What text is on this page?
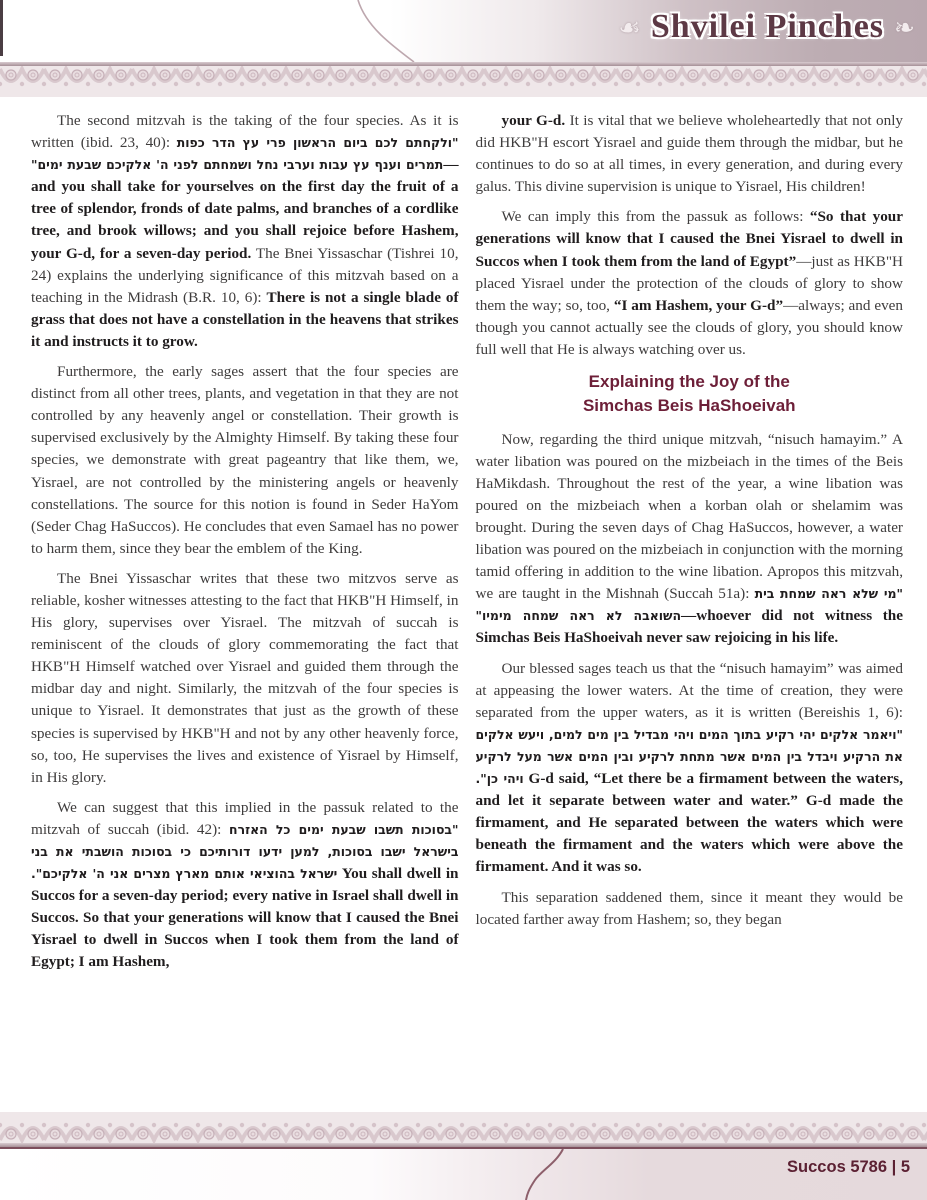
☙ Shvilei Pinches ❧

The second mitzvah is the taking of the four species. As it is written (ibid. 23, 40): "ולקחתם לכם ביום הראשון פרי עץ הדר כפות תמרים וענף עץ עבות וערבי נחל ושמחתם לפני ה' אלקיכם שבעת ימים"—and you shall take for yourselves on the first day the fruit of a tree of splendor, fronds of date palms, and branches of a cordlike tree, and brook willows; and you shall rejoice before Hashem, your G-d, for a seven-day period. The Bnei Yissaschar (Tishrei 10, 24) explains the underlying significance of this mitzvah based on a teaching in the Midrash (B.R. 10, 6): There is not a single blade of grass that does not have a constellation in the heavens that strikes it and instructs it to grow.

Furthermore, the early sages assert that the four species are distinct from all other trees, plants, and vegetation in that they are not controlled by any heavenly angel or constellation. Their growth is supervised exclusively by the Almighty Himself. By taking these four species, we demonstrate with great pageantry that like them, we, Yisrael, are not controlled by the ministering angels or heavenly constellations. The source for this notion is found in Seder HaYom (Seder Chag HaSuccos). He concludes that even Samael has no power to harm them, since they bear the emblem of the King.

The Bnei Yissaschar writes that these two mitzvos serve as reliable, kosher witnesses attesting to the fact that HKB"H Himself, in His glory, supervises over Yisrael. The mitzvah of succah is reminiscent of the clouds of glory commemorating the fact that HKB"H Himself watched over Yisrael and guided them through the midbar day and night. Similarly, the mitzvah of the four species is unique to Yisrael. It demonstrates that just as the growth of these species is supervised by HKB"H and not by any other heavenly force, so, too, He supervises the lives and existence of Yisrael by Himself, in His glory.

We can suggest that this implied in the passuk related to the mitzvah of succah (ibid. 42): "בסוכות תשבו שבעת ימים כל האזרח בישראל ישבו בסוכות, למען ידעו דורותיכם כי בסוכות הושבתי את בני ישראל בהוציאי אותם מארץ מצרים אני ה' אלקיכם". You shall dwell in Succos for a seven-day period; every native in Israel shall dwell in Succos. So that your generations will know that I caused the Bnei Yisrael to dwell in Succos when I took them from the land of Egypt; I am Hashem,

your G-d. It is vital that we believe wholeheartedly that not only did HKB"H escort Yisrael and guide them through the midbar, but he continues to do so at all times, in every generation, and during every galus. This divine supervision is unique to Yisrael, His children!

We can imply this from the passuk as follows: “So that your generations will know that I caused the Bnei Yisrael to dwell in Succos when I took them from the land of Egypt”—just as HKB"H placed Yisrael under the protection of the clouds of glory to show them the way; so, too, “I am Hashem, your G-d”—always; and even though you cannot actually see the clouds of glory, you should know full well that He is always watching over us.

Explaining the Joy of the
Simchas Beis HaShoeivah

Now, regarding the third unique mitzvah, “nisuch hamayim.” A water libation was poured on the mizbeiach in the times of the Beis HaMikdash. Throughout the rest of the year, a wine libation was poured on the mizbeiach when a korban olah or shelamim was brought. During the seven days of Chag HaSuccos, however, a water libation was poured on the mizbeiach in conjunction with the morning tamid offering in addition to the wine libation. Apropos this mitzvah, we are taught in the Mishnah (Succah 51a): "מי שלא ראה שמחת בית השואבה לא ראה שמחה מימיו"—whoever did not witness the Simchas Beis HaShoeivah never saw rejoicing in his life.

Our blessed sages teach us that the “nisuch hamayim” was aimed at appeasing the lower waters. At the time of creation, they were separated from the upper waters, as it is written (Bereishis 1, 6): "ויאמר אלקים יהי רקיע בתוך המים ויהי מבדיל בין מים למים, ויעש אלקים את הרקיע ויבדל בין המים אשר מתחת לרקיע ובין המים אשר מעל לרקיע ויהי כן". G-d said, “Let there be a firmament between the waters, and let it separate between water and water.” G-d made the firmament, and He separated between the waters which were beneath the firmament and the waters which were above the firmament. And it was so.

This separation saddened them, since it meant they would be located farther away from Hashem; so, they began

Succos 5786 | 5
